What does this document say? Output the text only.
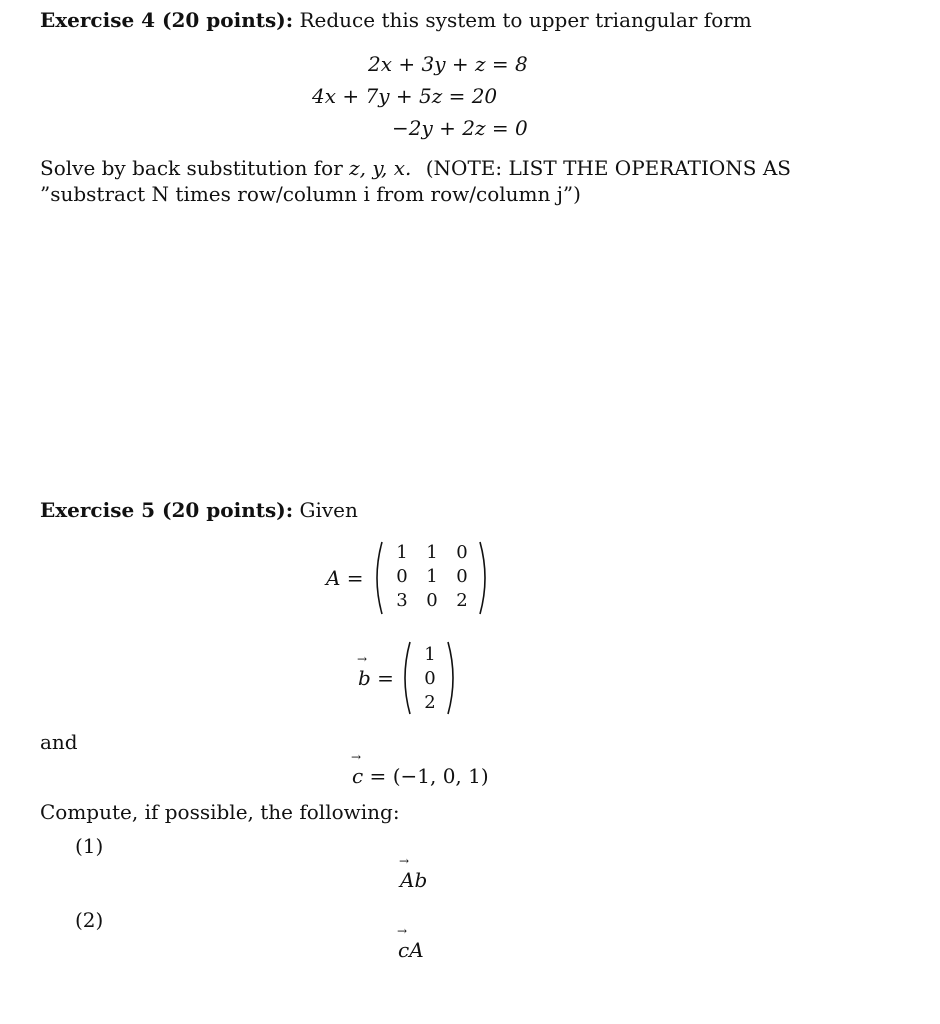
Exercise 4 (20 points): Reduce this system to upper triangular form
2x + 3y + z = 8
4x + 7y + 5z = 20
−2y + 2z = 0
Solve by back substitution for z, y, x. (NOTE: LIST THE OPERATIONS AS
”substract N times row/column i from row/column j”)
Exercise 5 (20 points): Given
A =
1	1	0
0	1	0
3	0	2
→ b =
1
0
2
and
→ c = (−1, 0, 1)
Compute, if possible, the following:
(1)
→ Ab
(2)
→ cA
